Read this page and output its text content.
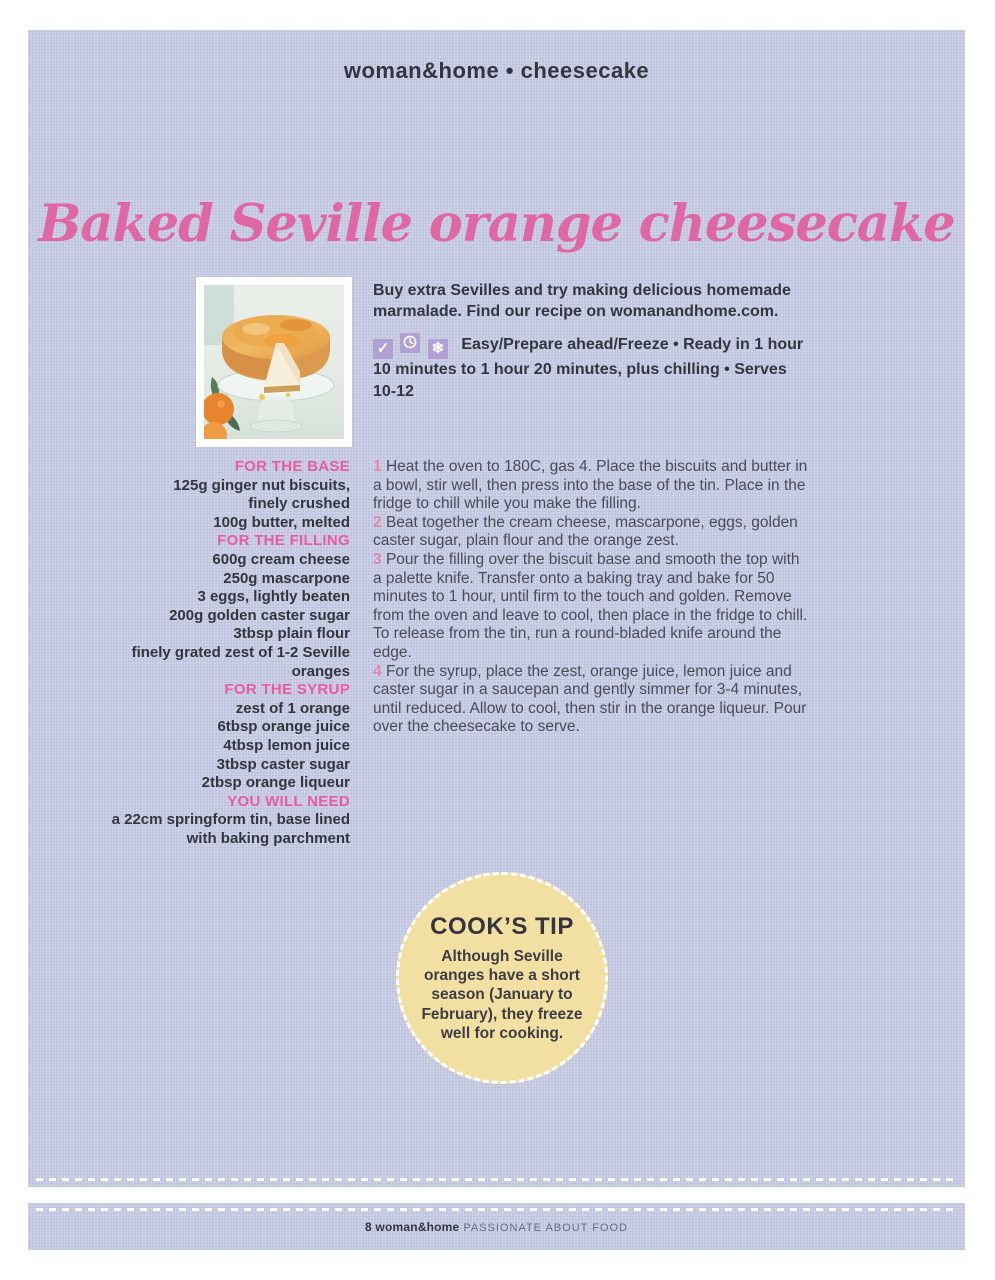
woman&home • cheesecake
Baked Seville orange cheesecake
Buy extra Sevilles and try making delicious homemade marmalade. Find our recipe on womanandhome.com.

✓	❄ Easy/Prepare ahead/Freeze • Ready in 1 hour 10 minutes to 1 hour 20 minutes, plus chilling • Serves 10-12

FOR THE BASE
125g ginger nut biscuits,
finely crushed
100g butter, melted
FOR THE FILLING
600g cream cheese
250g mascarpone
3 eggs, lightly beaten
200g golden caster sugar
3tbsp plain flour
finely grated zest of 1-2 Seville
oranges
FOR THE SYRUP
zest of 1 orange
6tbsp orange juice
4tbsp lemon juice
3tbsp caster sugar
2tbsp orange liqueur
YOU WILL NEED
a 22cm springform tin, base lined
with baking parchment

1 Heat the oven to 180C, gas 4. Place the biscuits and butter in a bowl, stir well, then press into the base of the tin. Place in the fridge to chill while you make the filling.

2 Beat together the cream cheese, mascarpone, eggs, golden caster sugar, plain flour and the orange zest.

3 Pour the filling over the biscuit base and smooth the top with a palette knife. Transfer onto a baking tray and bake for 50 minutes to 1 hour, until firm to the touch and golden. Remove from the oven and leave to cool, then place in the fridge to chill. To release from the tin, run a round-bladed knife around the edge.

4 For the syrup, place the zest, orange juice, lemon juice and caster sugar in a saucepan and gently simmer for 3-4 minutes, until reduced. Allow to cool, then stir in the orange liqueur. Pour over the cheesecake to serve.

COOK’S TIP
Although Seville oranges have a short season (January to February), they freeze well for cooking.
8 woman&home PASSIONATE ABOUT FOOD
